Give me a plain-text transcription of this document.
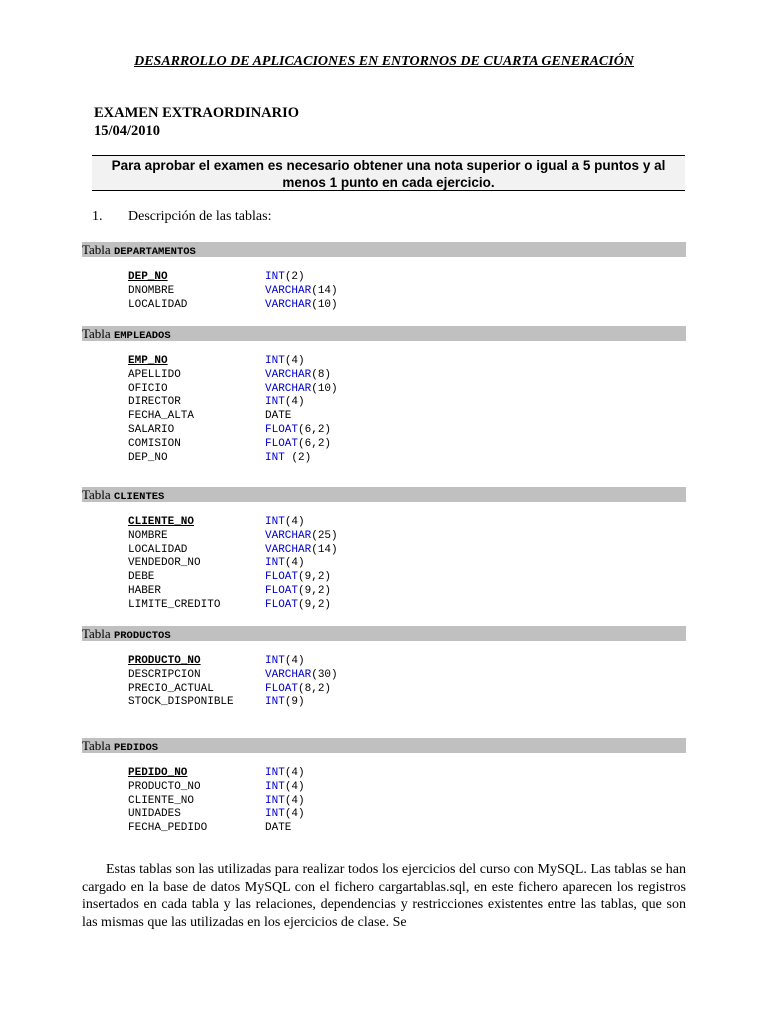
DESARROLLO DE APLICACIONES EN ENTORNOS DE CUARTA GENERACIÓN
EXAMEN EXTRAORDINARIO
15/04/2010
Para aprobar el examen es necesario obtener una nota superior o igual a 5 puntos y al menos 1 punto en cada ejercicio.
1. Descripción de las tablas:
Tabla DEPARTAMENTOS
DEP_NO	INT(2)
DNOMBRE	VARCHAR(14)
LOCALIDAD	VARCHAR(10)
Tabla EMPLEADOS
EMP_NO	INT(4)
APELLIDO	VARCHAR(8)
OFICIO	VARCHAR(10)
DIRECTOR	INT(4)
FECHA_ALTA	DATE
SALARIO	FLOAT(6,2)
COMISION	FLOAT(6,2)
DEP_NO	INT (2)
Tabla CLIENTES
CLIENTE_NO	INT(4)
NOMBRE	VARCHAR(25)
LOCALIDAD	VARCHAR(14)
VENDEDOR_NO	INT(4)
DEBE	FLOAT(9,2)
HABER	FLOAT(9,2)
LIMITE_CREDITO	FLOAT(9,2)
Tabla PRODUCTOS
PRODUCTO_NO	INT(4)
DESCRIPCION	VARCHAR(30)
PRECIO_ACTUAL	FLOAT(8,2)
STOCK_DISPONIBLE	INT(9)
Tabla PEDIDOS
PEDIDO_NO	INT(4)
PRODUCTO_NO	INT(4)
CLIENTE_NO	INT(4)
UNIDADES	INT(4)
FECHA_PEDIDO	DATE

Estas tablas son las utilizadas para realizar todos los ejercicios del curso con MySQL. Las tablas se han cargado en la base de datos MySQL con el fichero cargartablas.sql, en este fichero aparecen los registros insertados en cada tabla y las relaciones, dependencias y restricciones existentes entre las tablas, que son las mismas que las utilizadas en los ejercicios de clase. Se
